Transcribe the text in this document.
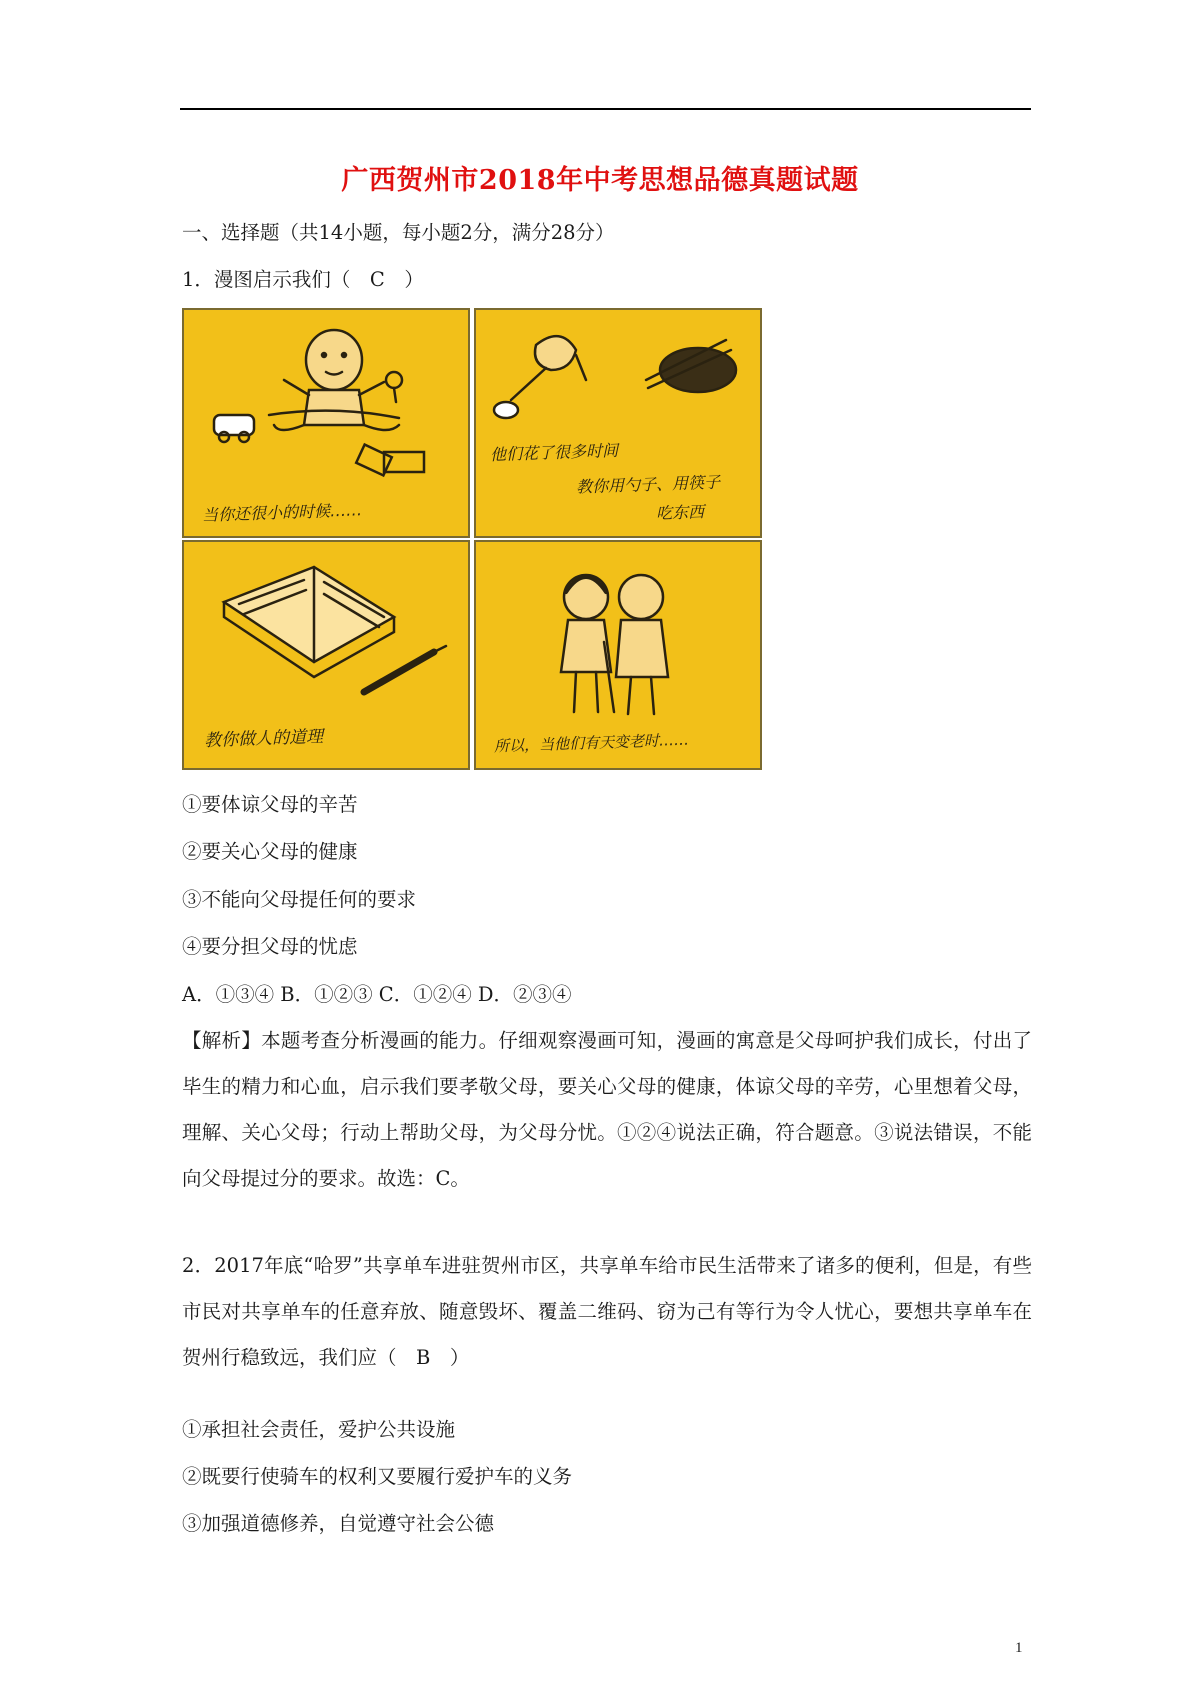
广西贺州市2018年中考思想品德真题试题
一、选择题（共14小题，每小题2分，满分28分）
1．漫图启示我们（　C　）
当你还很小的时候……
他们花了很多时间
教你用勺子、用筷子
吃东西
教你做人的道理	所以，当他们有天变老时……
①要体谅父母的辛苦
②要关心父母的健康
③不能向父母提任何的要求
④要分担父母的忧虑
A．①③④ B．①②③ C．①②④ D．②③④
【解析】本题考查分析漫画的能力。仔细观察漫画可知，漫画的寓意是父母呵护我们成长，付出了毕生的精力和心血，启示我们要孝敬父母，要关心父母的健康，体谅父母的辛劳，心里想着父母，理解、关心父母；行动上帮助父母，为父母分忧。①②④说法正确，符合题意。③说法错误，不能向父母提过分的要求。故选：C。
2．2017年底“哈罗”共享单车进驻贺州市区，共享单车给市民生活带来了诸多的便利，但是，有些市民对共享单车的任意弃放、随意毁坏、覆盖二维码、窃为己有等行为令人忧心，要想共享单车在贺州行稳致远，我们应（　B　）
①承担社会责任，爱护公共设施
②既要行使骑车的权利又要履行爱护车的义务
③加强道德修养，自觉遵守社会公德
1
